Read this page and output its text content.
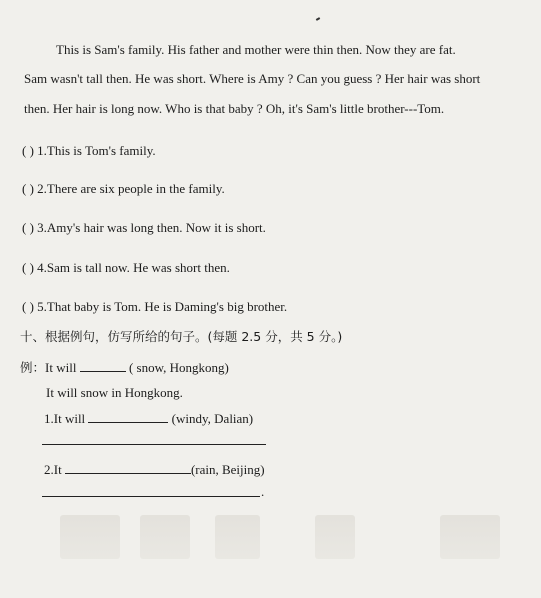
This is Sam's family. His father and mother were thin then. Now they are fat.
Sam wasn't tall then. He was short. Where is Amy ? Can you guess ? Her hair was short
then. Her hair is long now. Who is that baby ? Oh, it's Sam's little brother---Tom.
( ) 1.This is Tom's family.
( ) 2.There are six people in the family.
( ) 3.Amy's hair was long then. Now it is short.
( ) 4.Sam is tall now. He was short then.
( ) 5.That baby is Tom. He is Daming's big brother.
十、根据例句，仿写所给的句子。(每题 2.5 分，共 5 分。)
例：It will	( snow, Hongkong)
It will snow in Hongkong.
1.It will	(windy, Dalian)
2.It	(rain, Beijing)
.
